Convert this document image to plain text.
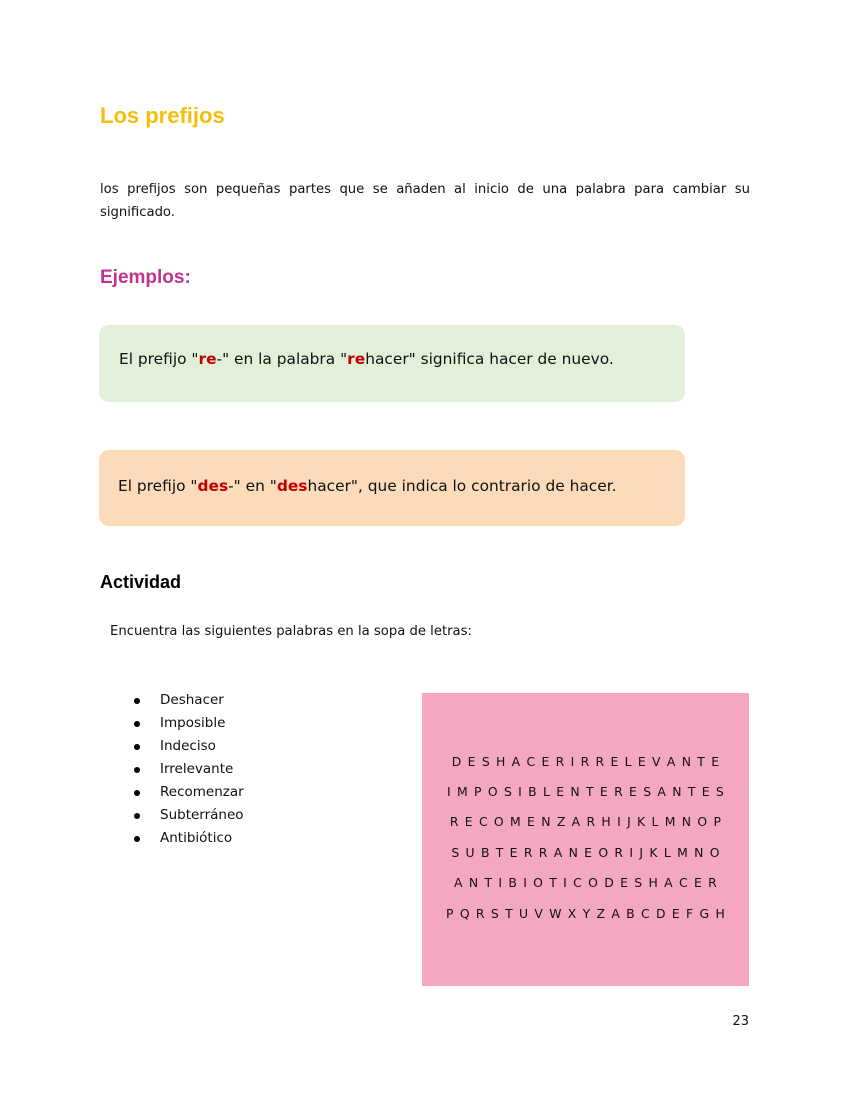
Los prefijos

los prefijos son pequeñas partes que se añaden al inicio de una palabra para cambiar su significado.

Ejemplos:
El prefijo "re-" en la palabra "rehacer" significa hacer de nuevo.
El prefijo "des-" en "deshacer", que indica lo contrario de hacer.
Actividad

Encuentra las siguientes palabras en la sopa de letras:

Deshacer
Imposible
Indeciso
Irrelevante
Recomenzar
Subterráneo
Antibiótico
D E S H A C E R I R R E L E V A N T E
I M P O S I B L E N T E R E S A N T E S
R E C O M E N Z A R H I J K L M N O P
S U B T E R R A N E O R I J K L M N O
A N T I B I O T I C O D E S H A C E R
P Q R S T U V W X Y Z A B C D E F G H

23
